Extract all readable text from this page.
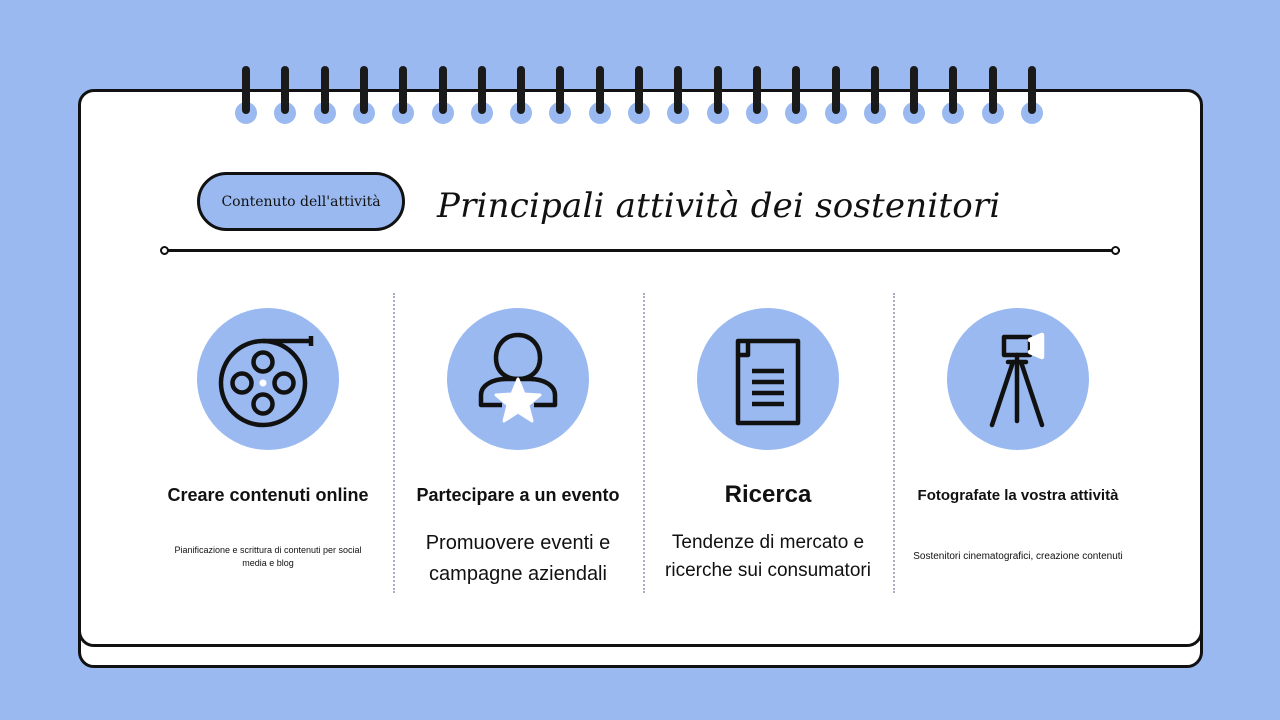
Contenuto dell'attività Principali attività dei sostenitori
Creare contenuti online
Pianificazione e scrittura di contenuti per social media e blog
Partecipare a un evento
Promuovere eventi e campagne aziendali
Ricerca
Tendenze di mercato e ricerche sui consumatori
Fotografate la vostra attività
Sostenitori cinematografici, creazione contenuti
